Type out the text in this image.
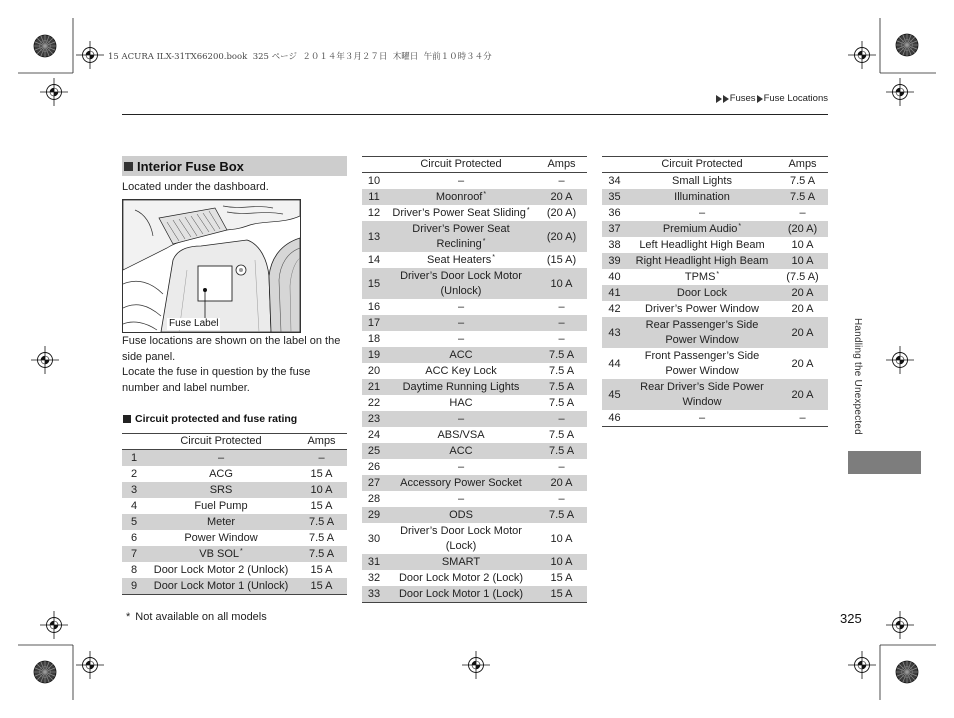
15 ACURA ILX-31TX66200.book  325 ページ  ２０１４年３月２７日  木曜日  午前１０時３４分
Fuses Fuse Locations
Interior Fuse Box
Located under the dashboard.
Fuse Label

Fuse locations are shown on the label on the side panel.

Locate the fuse in question by the fuse number and label number.

Circuit protected and fuse rating
	Circuit Protected	Amps
1	–	–
2	ACG	15 A
3	SRS	10 A
4	Fuel Pump	15 A
5	Meter	7.5 A
6	Power Window	7.5 A
7	VB SOL*	7.5 A
8	Door Lock Motor 2 (Unlock)	15 A
9	Door Lock Motor 1 (Unlock)	15 A
	Circuit Protected	Amps
10	–	–
11	Moonroof*	20 A
12	Driver’s Power Seat Sliding*	(20 A)
13	Driver’s Power Seat
Reclining*	(20 A)
14	Seat Heaters*	(15 A)
15	Driver’s Door Lock Motor
(Unlock)	10 A
16	–	–
17	–	–
18	–	–
19	ACC	7.5 A
20	ACC Key Lock	7.5 A
21	Daytime Running Lights	7.5 A
22	HAC	7.5 A
23	–	–
24	ABS/VSA	7.5 A
25	ACC	7.5 A
26	–	–
27	Accessory Power Socket	20 A
28	–	–
29	ODS	7.5 A
30	Driver’s Door Lock Motor
(Lock)	10 A
31	SMART	10 A
32	Door Lock Motor 2 (Lock)	15 A
33	Door Lock Motor 1 (Lock)	15 A
	Circuit Protected	Amps
34	Small Lights	7.5 A
35	Illumination	7.5 A
36	–	–
37	Premium Audio*	(20 A)
38	Left Headlight High Beam	10 A
39	Right Headlight High Beam	10 A
40	TPMS*	(7.5 A)
41	Door Lock	20 A
42	Driver’s Power Window	20 A
43	Rear Passenger’s Side
Power Window	20 A
44	Front Passenger’s Side
Power Window	20 A
45	Rear Driver’s Side Power
Window	20 A
46	–	–
* Not available on all models
Handling the Unexpected
325
